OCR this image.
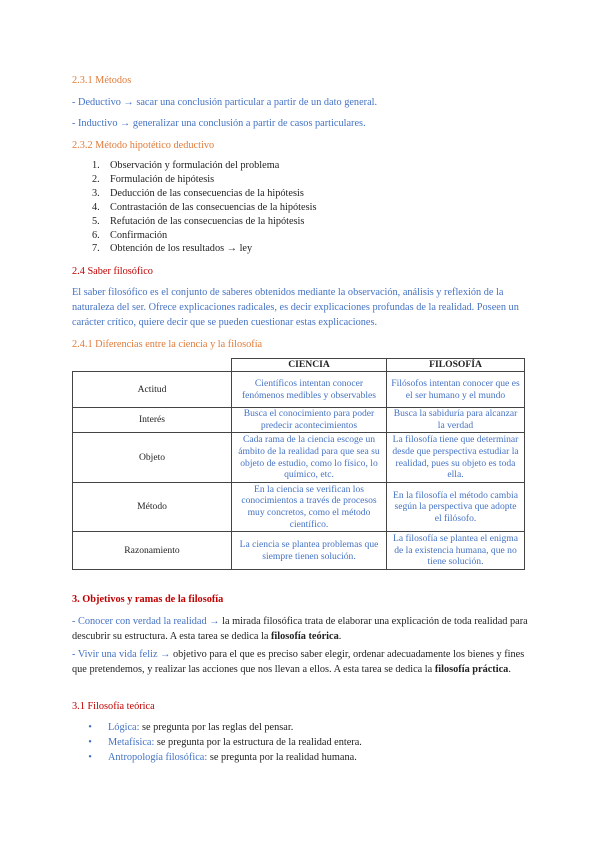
2.3.1 Métodos
- Deductivo → sacar una conclusión particular a partir de un dato general.
- Inductivo → generalizar una conclusión a partir de casos particulares.
2.3.2 Método hipotético deductivo
1. Observación y formulación del problema
2. Formulación de hipótesis
3. Deducción de las consecuencias de la hipótesis
4. Contrastación de las consecuencias de la hipótesis
5. Refutación de las consecuencias de la hipótesis
6. Confirmación
7. Obtención de los resultados → ley
2.4 Saber filosófico
El saber filosófico es el conjunto de saberes obtenidos mediante la observación, análisis y reflexión de la naturaleza del ser. Ofrece explicaciones radicales, es decir explicaciones profundas de la realidad. Poseen un carácter crítico, quiere decir que se pueden cuestionar estas explicaciones.
2.4.1 Diferencias entre la ciencia y la filosofía
	CIENCIA	FILOSOFÍA
Actitud	Científicos intentan conocer fenómenos medibles y observables	Filósofos intentan conocer que es el ser humano y el mundo
Interés	Busca el conocimiento para poder predecir acontecimientos	Busca la sabiduría para alcanzar la verdad
Objeto	Cada rama de la ciencia escoge un ámbito de la realidad para que sea su objeto de estudio, como lo físico, lo químico, etc.	La filosofía tiene que determinar desde que perspectiva estudiar la realidad, pues su objeto es toda ella.
Método	En la ciencia se verifican los conocimientos a través de procesos muy concretos, como el método científico.	En la filosofía el método cambia según la perspectiva que adopte el filósofo.
Razonamiento	La ciencia se plantea problemas que siempre tienen solución.	La filosofía se plantea el enigma de la existencia humana, que no tiene solución.
3. Objetivos y ramas de la filosofía
- Conocer con verdad la realidad → la mirada filosófica trata de elaborar una explicación de toda realidad para descubrir su estructura. A esta tarea se dedica la filosofía teórica.
- Vivir una vida feliz → objetivo para el que es preciso saber elegir, ordenar adecuadamente los bienes y fines que pretendemos, y realizar las acciones que nos llevan a ellos. A esta tarea se dedica la filosofía práctica.
3.1 Filosofía teórica
• Lógica: se pregunta por las reglas del pensar.
• Metafísica: se pregunta por la estructura de la realidad entera.
• Antropología filosófica: se pregunta por la realidad humana.
